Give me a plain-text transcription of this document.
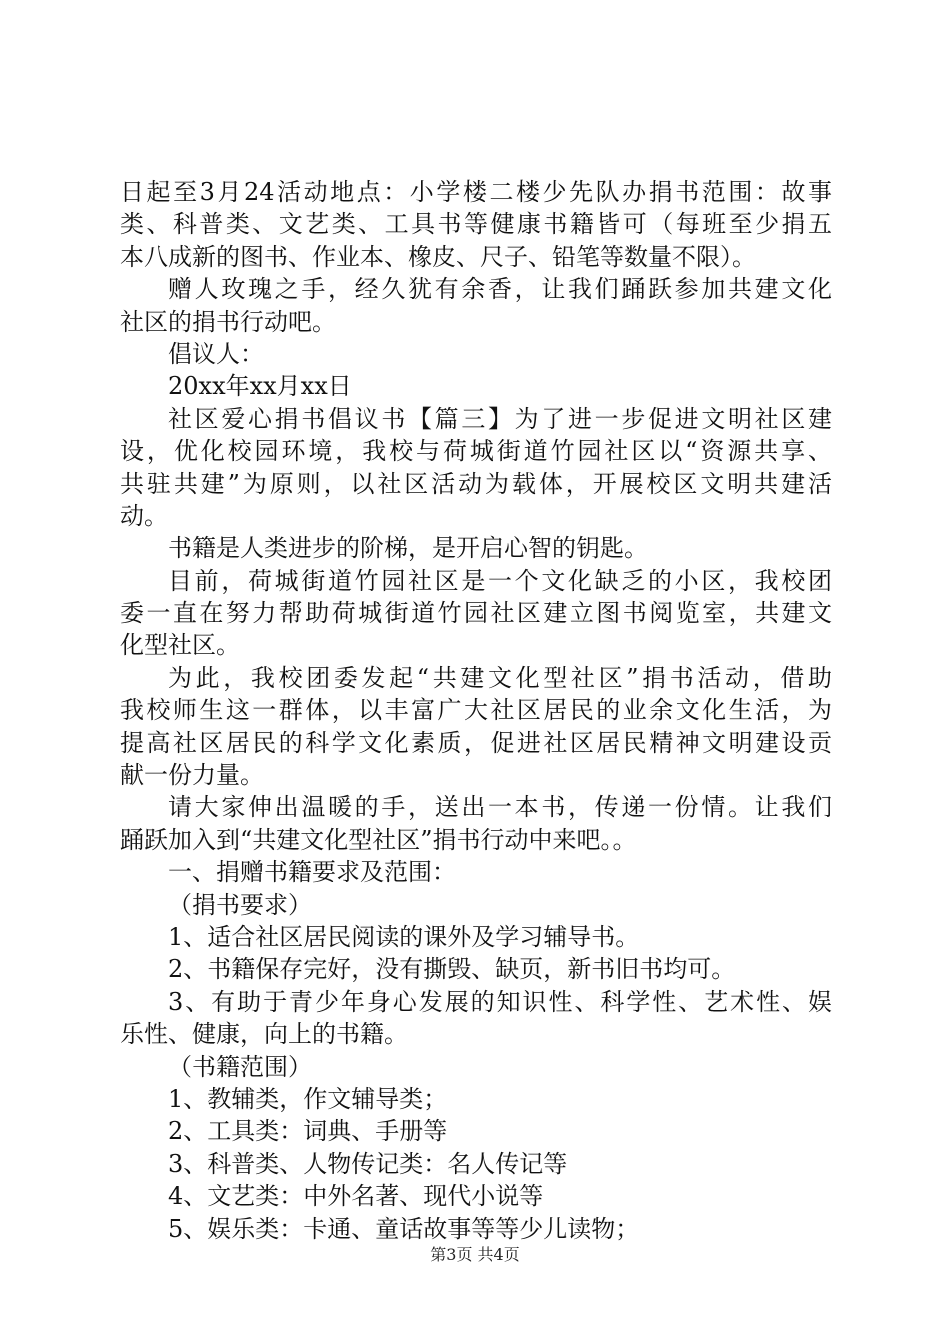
日起至3月24活动地点：小学楼二楼少先队办捐书范围：故事
类、科普类、文艺类、工具书等健康书籍皆可（每班至少捐五
本八成新的图书、作业本、橡皮、尺子、铅笔等数量不限）。
赠人玫瑰之手，经久犹有余香，让我们踊跃参加共建文化
社区的捐书行动吧。
倡议人：
20xx年xx月xx日
社区爱心捐书倡议书【篇三】为了进一步促进文明社区建
设，优化校园环境，我校与荷城街道竹园社区以“资源共享、
共驻共建”为原则，以社区活动为载体，开展校区文明共建活
动。
书籍是人类进步的阶梯，是开启心智的钥匙。
目前，荷城街道竹园社区是一个文化缺乏的小区，我校团
委一直在努力帮助荷城街道竹园社区建立图书阅览室，共建文
化型社区。
为此，我校团委发起“共建文化型社区”捐书活动，借助
我校师生这一群体，以丰富广大社区居民的业余文化生活，为
提高社区居民的科学文化素质，促进社区居民精神文明建设贡
献一份力量。
请大家伸出温暖的手，送出一本书，传递一份情。让我们
踊跃加入到“共建文化型社区”捐书行动中来吧。。
一、捐赠书籍要求及范围：
（捐书要求）
1、适合社区居民阅读的课外及学习辅导书。
2、书籍保存完好，没有撕毁、缺页，新书旧书均可。
3、有助于青少年身心发展的知识性、科学性、艺术性、娱
乐性、健康，向上的书籍。
（书籍范围）
1、教辅类，作文辅导类；
2、工具类：词典、手册等
3、科普类、人物传记类：名人传记等
4、文艺类：中外名著、现代小说等
5、娱乐类：卡通、童话故事等等少儿读物；
第3页 共4页
